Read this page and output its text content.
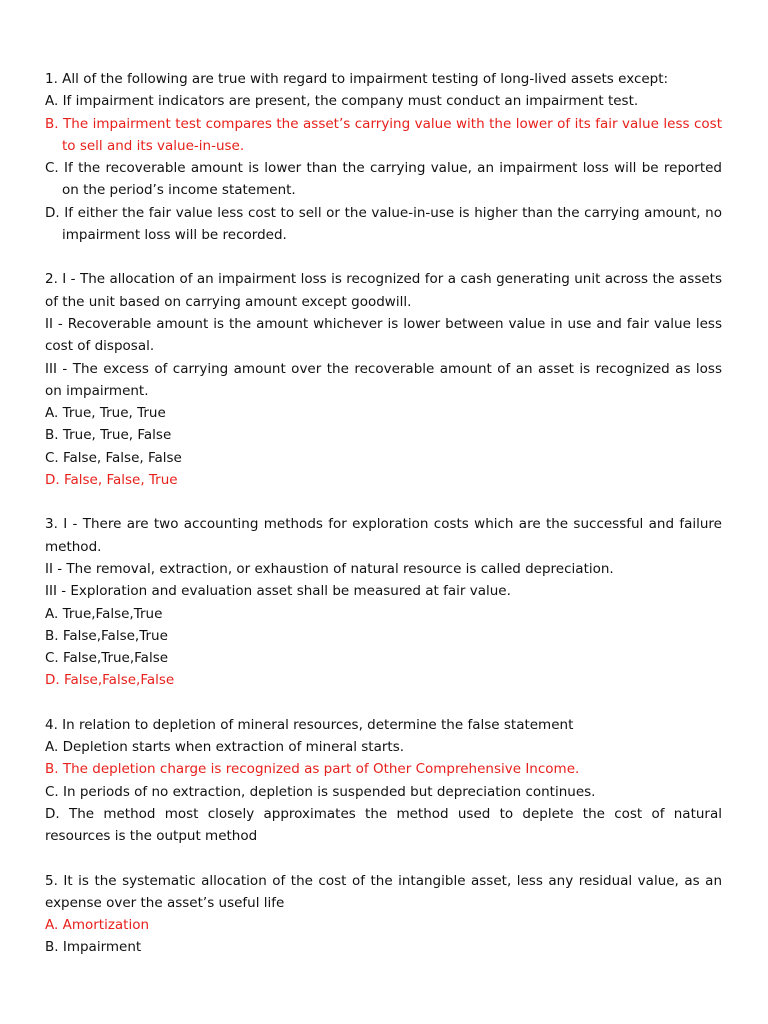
1. All of the following are true with regard to impairment testing of long-lived assets except:

A. If impairment indicators are present, the company must conduct an impairment test.

B. The impairment test compares the asset’s carrying value with the lower of its fair value less cost to sell and its value-in-use.

C. If the recoverable amount is lower than the carrying value, an impairment loss will be reported on the period’s income statement.

D. If either the fair value less cost to sell or the value-in-use is higher than the carrying amount, no impairment loss will be recorded.

2. I - The allocation of an impairment loss is recognized for a cash generating unit across the assets of the unit based on carrying amount except goodwill.

II - Recoverable amount is the amount whichever is lower between value in use and fair value less cost of disposal.

III - The excess of carrying amount over the recoverable amount of an asset is recognized as loss on impairment.

A. True, True, True

B. True, True, False

C. False, False, False

D. False, False, True

3. I - There are two accounting methods for exploration costs which are the successful and failure method.

II - The removal, extraction, or exhaustion of natural resource is called depreciation.

III - Exploration and evaluation asset shall be measured at fair value.

A. True,False,True

B. False,False,True

C. False,True,False

D. False,False,False

4. In relation to depletion of mineral resources, determine the false statement

A. Depletion starts when extraction of mineral starts.

B. The depletion charge is recognized as part of Other Comprehensive Income.

C. In periods of no extraction, depletion is suspended but depreciation continues.

D. The method most closely approximates the method used to deplete the cost of natural resources is the output method

5. It is the systematic allocation of the cost of the intangible asset, less any residual value, as an expense over the asset’s useful life

A. Amortization

B. Impairment
